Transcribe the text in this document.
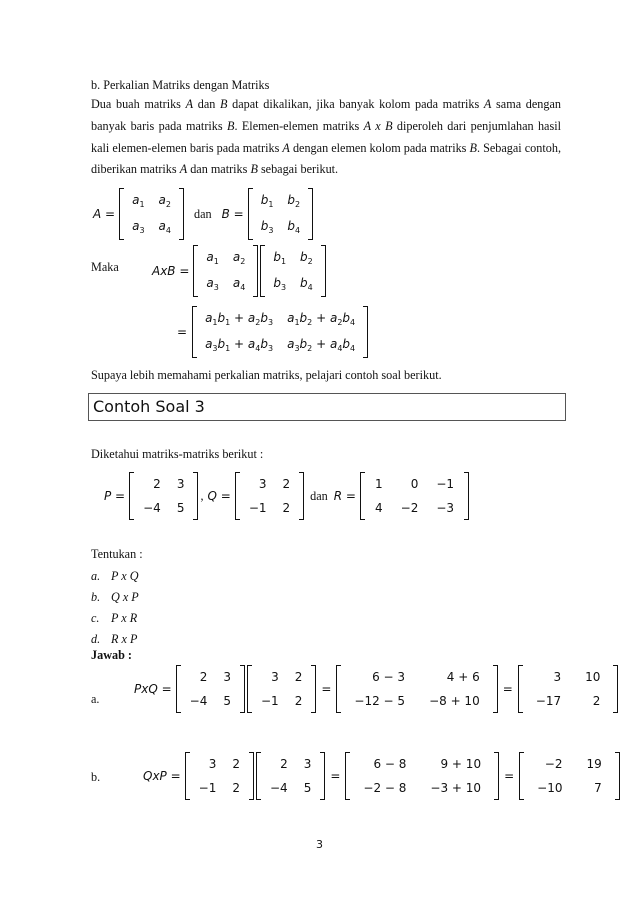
b. Perkalian Matriks dengan Matriks
Dua buah matriks A dan B dapat dikalikan, jika banyak kolom pada matriks A sama dengan banyak baris pada matriks B. Elemen-elemen matriks A x B diperoleh dari penjumlahan hasil kali elemen-elemen baris pada matriks A dengan elemen kolom pada matriks B. Sebagai contoh, diberikan matriks A dan matriks B sebagai berikut.
A =
$a_1$	$a_2$
$a_3$	$a_4$
dan B =
$b_1$	$b_2$
$b_3$	$b_4$
Maka	AxB =
$a_1$	$a_2$
$a_3$	$a_4$
$b_1$	$b_2$
$b_3$	$b_4$
=
$a_1b_1 + a_2b_3$	$a_1b_2 + a_2b_4$
$a_3b_1 + a_4b_3$	$a_3b_2 + a_4b_4$
Supaya lebih memahami perkalian matriks, pelajari contoh soal berikut.
Contoh Soal 3
Diketahui matriks-matriks berikut :
P =
2	3
−4	5
, Q =
3	2
−1	2
dan R =
1	0	−1
4	−2	−3
Tentukan :
a. P x Q
b. Q x P
c. P x R
d. R x P
Jawab :
a.
PxQ =
2	3
−4	5
3	2
−1	2
=
6 − 3	4 + 6
−12 − 5	−8 + 10
=
3	10
−17	2
b.	QxP =
3	2
−1	2
2	3
−4	5
=
6 − 8	9 + 10
−2 − 8	−3 + 10
=
−2	19
−10	7
3
